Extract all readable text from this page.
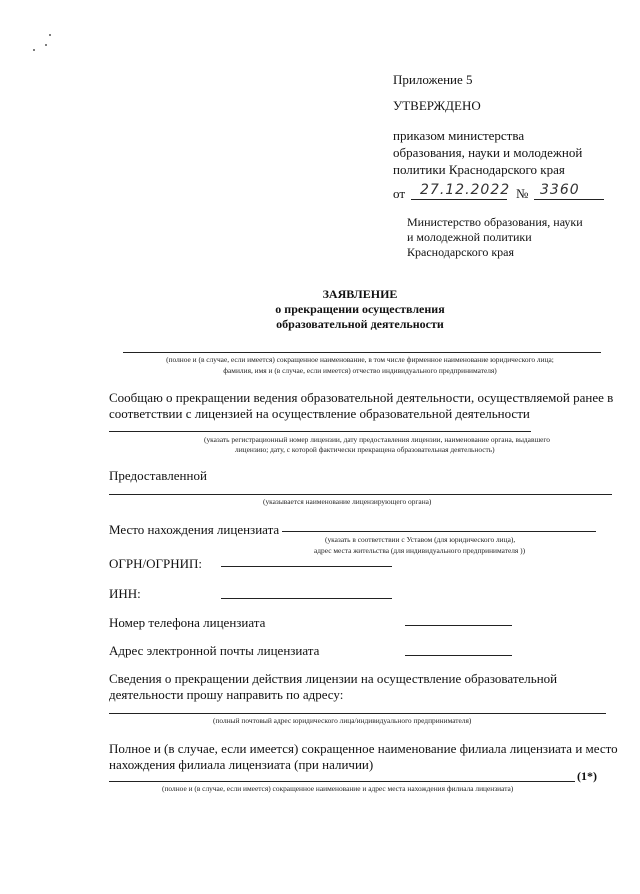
Приложение 5
УТВЕРЖДЕНО
приказом министерства
образования, науки и молодежной
политики Краснодарского края
от 27.12.2022 № 3360
Министерство образования, науки
и молодежной политики
Краснодарского края
ЗАЯВЛЕНИЕ
о прекращении осуществления
образовательной деятельности
(полное и (в случае, если имеется) сокращенное наименование, в том числе фирменное наименование юридического лица;
фамилия, имя и (в случае, если имеется) отчество индивидуального предпринимателя)
Сообщаю о прекращении ведения образовательной деятельности, осуществляемой ранее в
соответствии с лицензией на осуществление образовательной деятельности
(указать регистрационный номер лицензии, дату предоставления лицензии, наименование органа, выдавшего
лицензию; дату, с которой фактически прекращена образовательная деятельность)
Предоставленной
(указывается наименование лицензирующего органа)
Место нахождения лицензиата
(указать в соответствии с Уставом (для юридического лица),
адрес места жительства (для индивидуального предпринимателя ))
ОГРН/ОГРНИП:
ИНН:
Номер телефона лицензиата
Адрес электронной почты лицензиата
Сведения о прекращении действия лицензии на осуществление образовательной
деятельности прошу направить по адресу:
(полный почтовый адрес юридического лица/индивидуального предпринимателя)
Полное и (в случае, если имеется) сокращенное наименование филиала лицензиата и место
нахождения филиала лицензиата (при наличии)
(1*)
(полное и (в случае, если имеется) сокращенное наименование и адрес места нахождения филиала лицензиата)
